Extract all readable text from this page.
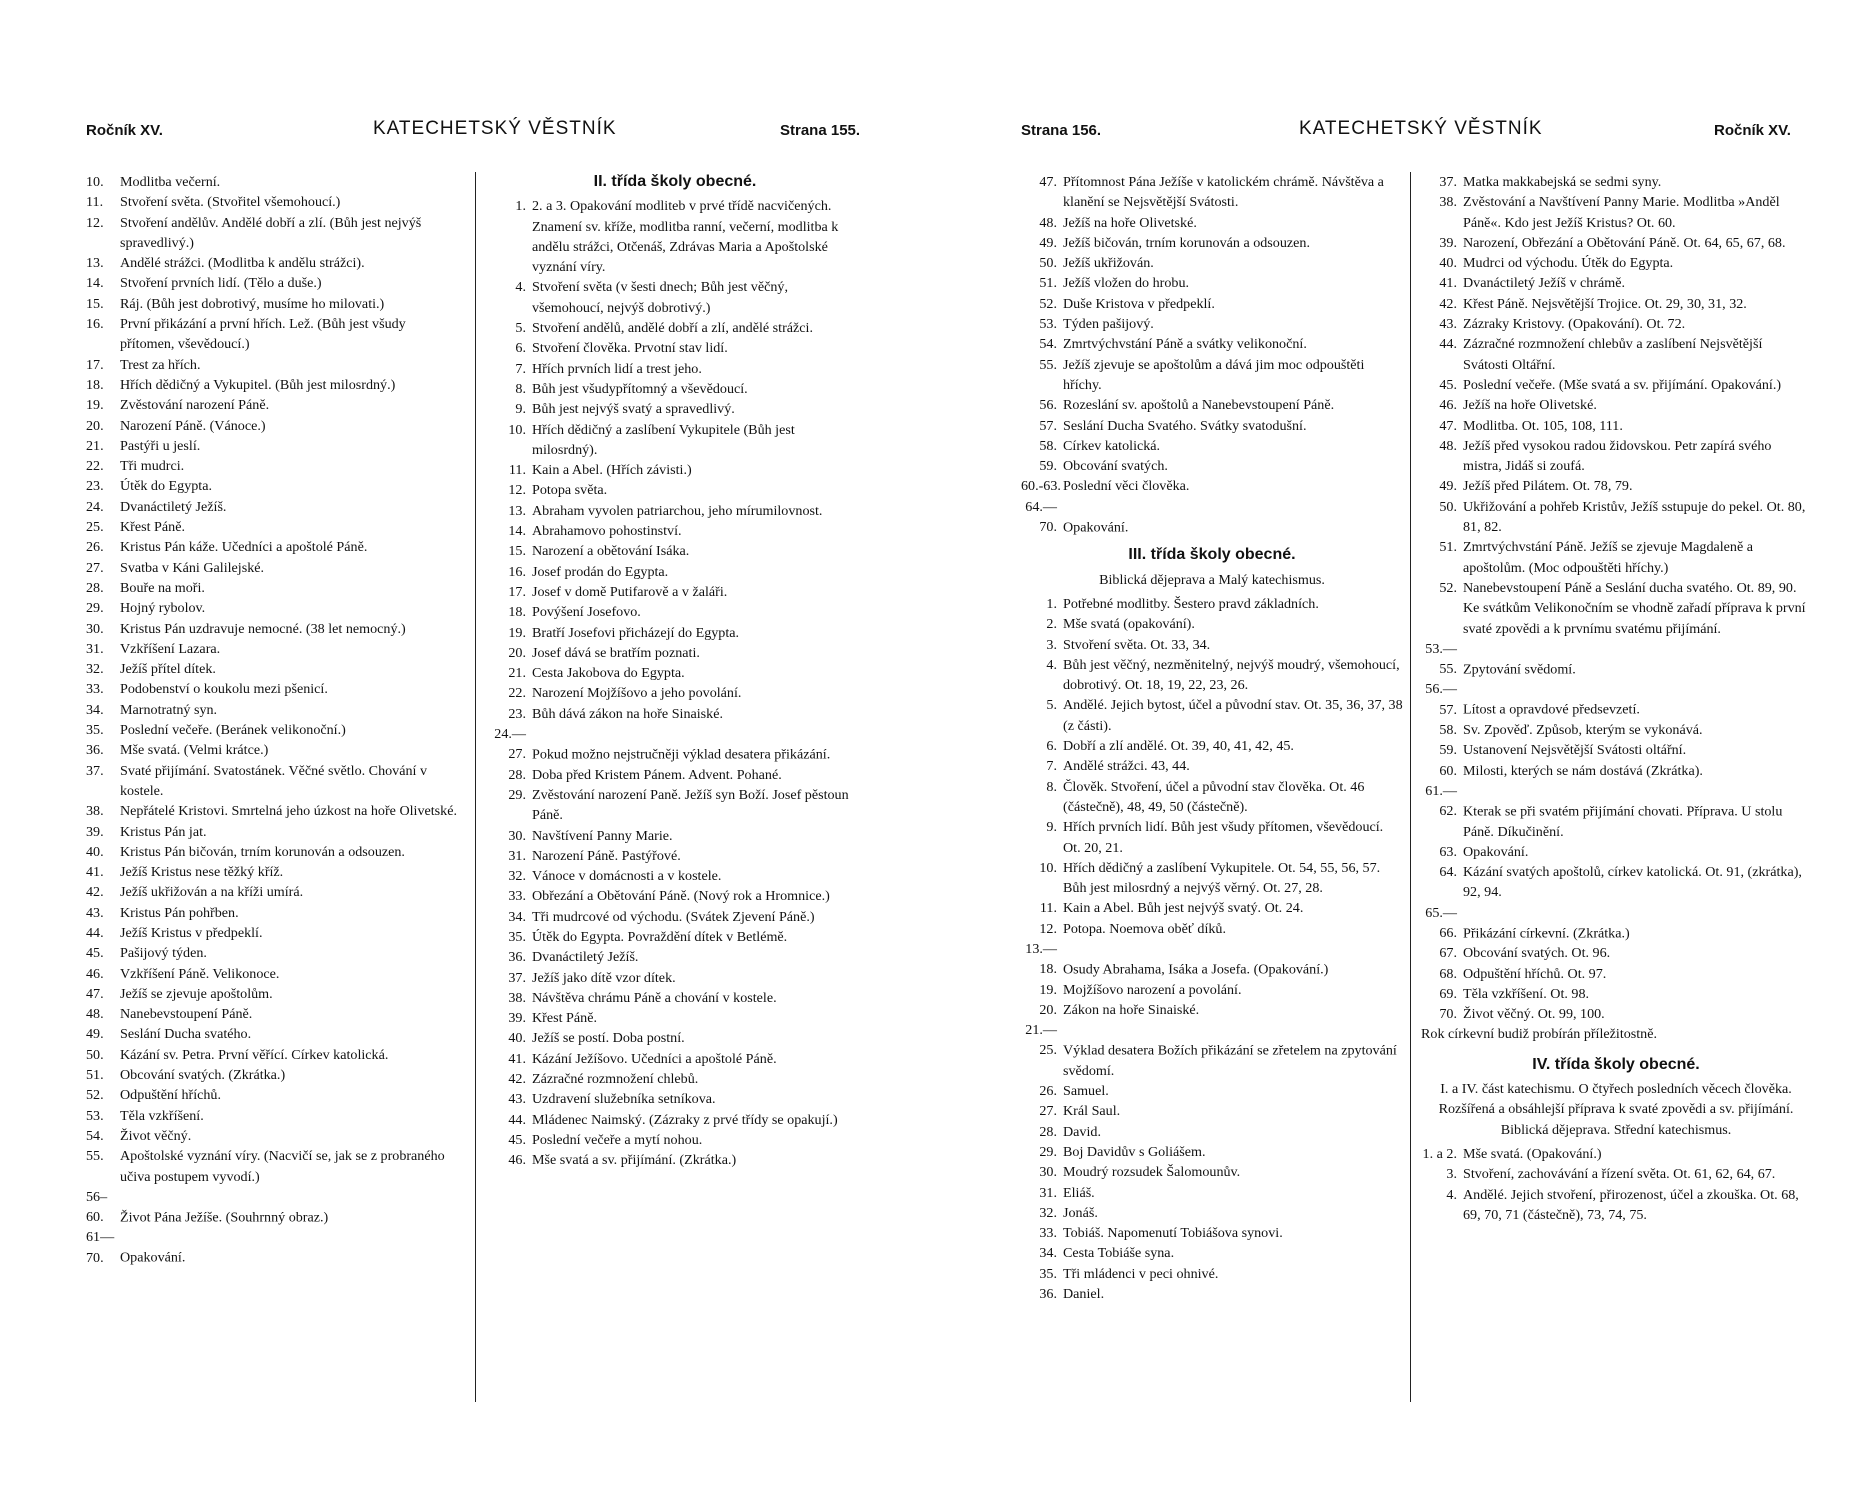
Ročník XV.	KATECHETSKÝ VĚSTNÍK	Strana 155.
10. Modlitba večerní.
11. Stvoření světa. (Stvořitel všemohoucí.)
12. Stvoření andělův. Andělé dobří a zlí. (Bůh jest nejvýš spravedlivý.)
13. Andělé strážci. (Modlitba k andělu strážci).
14. Stvoření prvních lidí. (Tělo a duše.)
15. Ráj. (Bůh jest dobrotivý, musíme ho milovati.)
16. První přikázání a první hřích. Lež. (Bůh jest všudy přítomen, vševědoucí.)
17. Trest za hřích.
18. Hřích dědičný a Vykupitel. (Bůh jest milosrdný.)
19. Zvěstování narození Páně.
20. Narození Páně. (Vánoce.)
21. Pastýři u jeslí.
22. Tři mudrci.
23. Útěk do Egypta.
24. Dvanáctiletý Ježíš.
25. Křest Páně.
26. Kristus Pán káže. Učedníci a apoštolé Páně.
27. Svatba v Káni Galilejské.
28. Bouře na moři.
29. Hojný rybolov.
30. Kristus Pán uzdravuje nemocné. (38 let nemocný.)
31. Vzkříšení Lazara.
32. Ježíš přítel dítek.
33. Podobenství o koukolu mezi pšenicí.
34. Marnotratný syn.
35. Poslední večeře. (Beránek velikonoční.)
36. Mše svatá. (Velmi krátce.)
37. Svaté přijímání. Svatostánek. Věčné světlo. Chování v kostele.
38. Nepřátelé Kristovi. Smrtelná jeho úzkost na hoře Olivetské.
39. Kristus Pán jat.
40. Kristus Pán bičován, trním korunován a odsouzen.
41. Ježíš Kristus nese těžký kříž.
42. Ježíš ukřižován a na kříži umírá.
43. Kristus Pán pohřben.
44. Ježíš Kristus v předpeklí.
45. Pašijový týden.
46. Vzkříšení Páně. Velikonoce.
47. Ježíš se zjevuje apoštolům.
48. Nanebevstoupení Páně.
49. Seslání Ducha svatého.
50. Kázání sv. Petra. První věřící. Církev katolická.
51. Obcování svatých. (Zkrátka.)
52. Odpuštění hříchů.
53. Těla vzkříšení.
54. Život věčný.
55. Apoštolské vyznání víry. (Nacvičí se, jak se z probraného učiva postupem vyvodí.)
56–60. Život Pána Ježíše. (Souhrnný obraz.)
61—70. Opakování.
II. třída školy obecné.
1. 2. a 3. Opakování modliteb v prvé třídě nacvičených. Znamení sv. kříže, modlitba ranní, večerní, modlitba k andělu strážci, Otčenáš, Zdrávas Maria a Apoštolské vyznání víry.
4. Stvoření světa (v šesti dnech; Bůh jest věčný, všemohoucí, nejvýš dobrotivý.)
5. Stvoření andělů, andělé dobří a zlí, andělé strážci.
6. Stvoření člověka. Prvotní stav lidí.
7. Hřích prvních lidí a trest jeho.
8. Bůh jest všudypřítomný a vševědoucí.
9. Bůh jest nejvýš svatý a spravedlivý.
10. Hřích dědičný a zaslíbení Vykupitele (Bůh jest milosrdný).
11. Kain a Abel. (Hřích závisti.)
12. Potopa světa.
13. Abraham vyvolen patriarchou, jeho mírumilovnost.
14. Abrahamovo pohostinství.
15. Narození a obětování Isáka.
16. Josef prodán do Egypta.
17. Josef v domě Putifarově a v žaláři.
18. Povýšení Josefovo.
19. Bratří Josefovi přicházejí do Egypta.
20. Josef dává se bratřím poznati.
21. Cesta Jakobova do Egypta.
22. Narození Mojžíšovo a jeho povolání.
23. Bůh dává zákon na hoře Sinaiské.
24.—27. Pokud možno nejstručněji výklad desatera přikázání.
28. Doba před Kristem Pánem. Advent. Pohané.
29. Zvěstování narození Paně. Ježíš syn Boží. Josef pěstoun Páně.
30. Navštívení Panny Marie.
31. Narození Páně. Pastýřové.
32. Vánoce v domácnosti a v kostele.
33. Obřezání a Obětování Páně. (Nový rok a Hromnice.)
34. Tři mudrcové od východu. (Svátek Zjevení Páně.)
35. Útěk do Egypta. Povraždění dítek v Betlémě.
36. Dvanáctiletý Ježíš.
37. Ježíš jako dítě vzor dítek.
38. Návštěva chrámu Páně a chování v kostele.
39. Křest Páně.
40. Ježíš se postí. Doba postní.
41. Kázání Ježíšovo. Učedníci a apoštolé Páně.
42. Zázračné rozmnožení chlebů.
43. Uzdravení služebníka setníkova.
44. Mládenec Naimský. (Zázraky z prvé třídy se opakují.)
45. Poslední večeře a mytí nohou.
46. Mše svatá a sv. přijímání. (Zkrátka.)
Strana 156.	KATECHETSKÝ VĚSTNÍK	Ročník XV.
47. Přítomnost Pána Ježíše v katolickém chrámě. Návštěva a klanění se Nejsvětější Svátosti.
48. Ježíš na hoře Olivetské.
49. Ježíš bičován, trním korunován a odsouzen.
50. Ježíš ukřižován.
51. Ježíš vložen do hrobu.
52. Duše Kristova v předpeklí.
53. Týden pašijový.
54. Zmrtvýchvstání Páně a svátky velikonoční.
55. Ježíš zjevuje se apoštolům a dává jim moc odpouštěti hříchy.
56. Rozeslání sv. apoštolů a Nanebevstoupení Páně.
57. Seslání Ducha Svatého. Svátky svatodušní.
58. Církev katolická.
59. Obcování svatých.
60.-63. Poslední věci člověka.
64.—70. Opakování.
III. třída školy obecné.
Biblická dějeprava a Malý katechismus.
1. Potřebné modlitby. Šestero pravd základních.
2. Mše svatá (opakování).
3. Stvoření světa. Ot. 33, 34.
4. Bůh jest věčný, nezměnitelný, nejvýš moudrý, všemohoucí, dobrotivý. Ot. 18, 19, 22, 23, 26.
5. Andělé. Jejich bytost, účel a původní stav. Ot. 35, 36, 37, 38 (z části).
6. Dobří a zlí andělé. Ot. 39, 40, 41, 42, 45.
7. Andělé strážci. 43, 44.
8. Člověk. Stvoření, účel a původní stav člověka. Ot. 46 (částečně), 48, 49, 50 (částečně).
9. Hřích prvních lidí. Bůh jest všudy přítomen, vševědoucí. Ot. 20, 21.
10. Hřích dědičný a zaslíbení Vykupitele. Ot. 54, 55, 56, 57. Bůh jest milosrdný a nejvýš věrný. Ot. 27, 28.
11. Kain a Abel. Bůh jest nejvýš svatý. Ot. 24.
12. Potopa. Noemova oběť díků.
13.—18. Osudy Abrahama, Isáka a Josefa. (Opakování.)
19. Mojžíšovo narození a povolání.
20. Zákon na hoře Sinaiské.
21.—25. Výklad desatera Božích přikázání se zřetelem na zpytování svědomí.
26. Samuel.
27. Král Saul.
28. David.
29. Boj Davidův s Goliášem.
30. Moudrý rozsudek Šalomounův.
31. Eliáš.
32. Jonáš.
33. Tobiáš. Napomenutí Tobiášova synovi.
34. Cesta Tobiáše syna.
35. Tři mládenci v peci ohnivé.
36. Daniel.
37. Matka makkabejská se sedmi syny.
38. Zvěstování a Navštívení Panny Marie. Modlitba »Anděl Páně«. Kdo jest Ježíš Kristus? Ot. 60.
39. Narození, Obřezání a Obětování Páně. Ot. 64, 65, 67, 68.
40. Mudrci od východu. Útěk do Egypta.
41. Dvanáctiletý Ježíš v chrámě.
42. Křest Páně. Nejsvětější Trojice. Ot. 29, 30, 31, 32.
43. Zázraky Kristovy. (Opakování). Ot. 72.
44. Zázračné rozmnožení chlebův a zaslíbení Nejsvětější Svátosti Oltářní.
45. Poslední večeře. (Mše svatá a sv. přijímání. Opakování.)
46. Ježíš na hoře Olivetské.
47. Modlitba. Ot. 105, 108, 111.
48. Ježíš před vysokou radou židovskou. Petr zapírá svého mistra, Jidáš si zoufá.
49. Ježíš před Pilátem. Ot. 78, 79.
50. Ukřižování a pohřeb Kristův, Ježíš sstupuje do pekel. Ot. 80, 81, 82.
51. Zmrtvýchvstání Páně. Ježíš se zjevuje Magdaleně a apoštolům. (Moc odpouštěti hříchy.)
52. Nanebevstoupení Páně a Seslání ducha svatého. Ot. 89, 90. Ke svátkům Velikonočním se vhodně zařadí příprava k první svaté zpovědi a k prvnímu svatému přijímání.
53.—55. Zpytování svědomí.
56.—57. Lítost a opravdové předsevzetí.
58. Sv. Zpověď. Způsob, kterým se vykonává.
59. Ustanovení Nejsvětější Svátosti oltářní.
60. Milosti, kterých se nám dostává (Zkrátka).
61.—62. Kterak se při svatém přijímání chovati. Příprava. U stolu Páně. Díkučinění.
63. Opakování.
64. Kázání svatých apoštolů, církev katolická. Ot. 91, (zkrátka), 92, 94.
65.—66. Přikázání církevní. (Zkrátka.)
67. Obcování svatých. Ot. 96.
68. Odpuštění hříchů. Ot. 97.
69. Těla vzkříšení. Ot. 98.
70. Život věčný. Ot. 99, 100.
Rok církevní budiž probírán příležitostně.
IV. třída školy obecné.
I. a IV. část katechismu. O čtyřech posledních věcech člověka. Rozšířená a obsáhlejší příprava k svaté zpovědi a sv. přijímání. Biblická dějeprava. Střední katechismus.
1. a 2. Mše svatá. (Opakování.)
3. Stvoření, zachovávání a řízení světa. Ot. 61, 62, 64, 67.
4. Andělé. Jejich stvoření, přirozenost, účel a zkouška. Ot. 68, 69, 70, 71 (částečně), 73, 74, 75.
